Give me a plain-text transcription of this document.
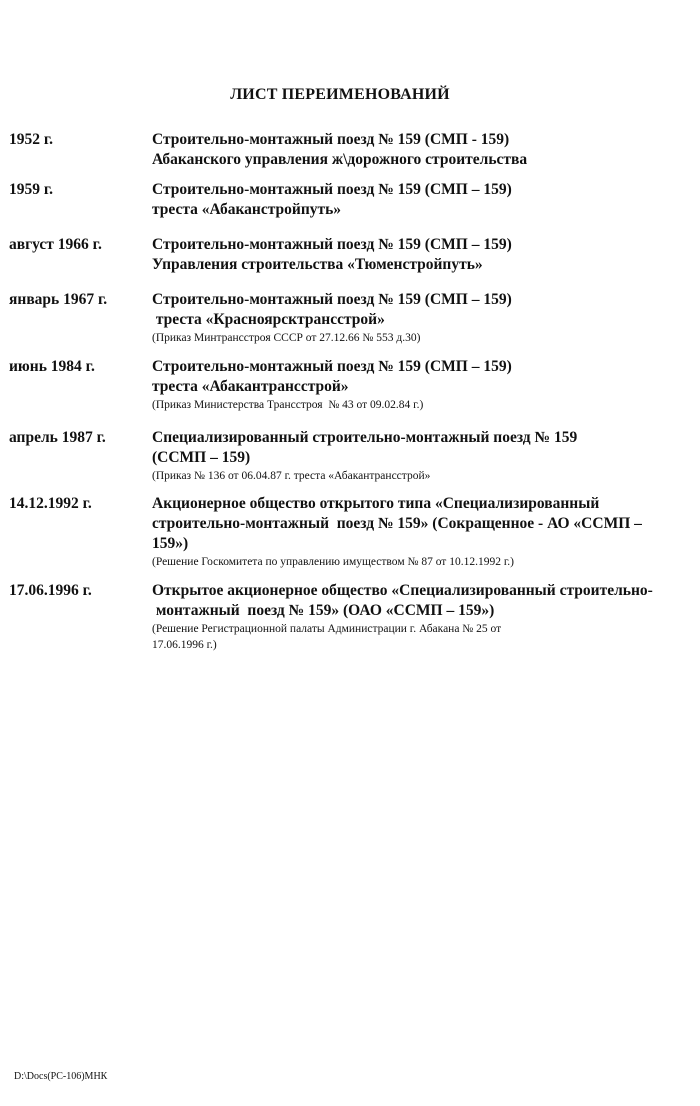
ЛИСТ ПЕРЕИМЕНОВАНИЙ
1952 г.	Строительно-монтажный поезд № 159 (СМП - 159)
Абаканского управления ж\дорожного строительства
1959 г.	Строительно-монтажный поезд № 159 (СМП – 159)
треста «Абаканстройпуть»
август 1966 г.	Строительно-монтажный поезд № 159 (СМП – 159)
Управления строительства «Тюменстройпуть»
январь 1967 г.	Строительно-монтажный поезд № 159 (СМП – 159)
треста «Красноярсктрансстрой»
(Приказ Минтрансстроя СССР от 27.12.66 № 553 д.30)
июнь 1984 г.	Строительно-монтажный поезд № 159 (СМП – 159)
треста «Абакантрансстрой»
(Приказ Министерства Трансстроя  № 43 от 09.02.84 г.)
апрель 1987 г.	Специализированный строительно-монтажный поезд № 159
(ССМП – 159)
(Приказ № 136 от 06.04.87 г. треста «Абакантрансстрой»
14.12.1992 г.	Акционерное общество открытого типа «Специализированный
строительно-монтажный  поезд № 159» (Сокращенное - АО «ССМП –
159»)
(Решение Госкомитета по управлению имуществом № 87 от 10.12.1992 г.)
17.06.1996 г.	Открытое акционерное общество «Специализированный строительно-
монтажный  поезд № 159» (ОАО «ССМП – 159»)
(Решение Регистрационной палаты Администрации г. Абакана № 25 от
17.06.1996 г.)
D:\Docs(PC-106)МНК
